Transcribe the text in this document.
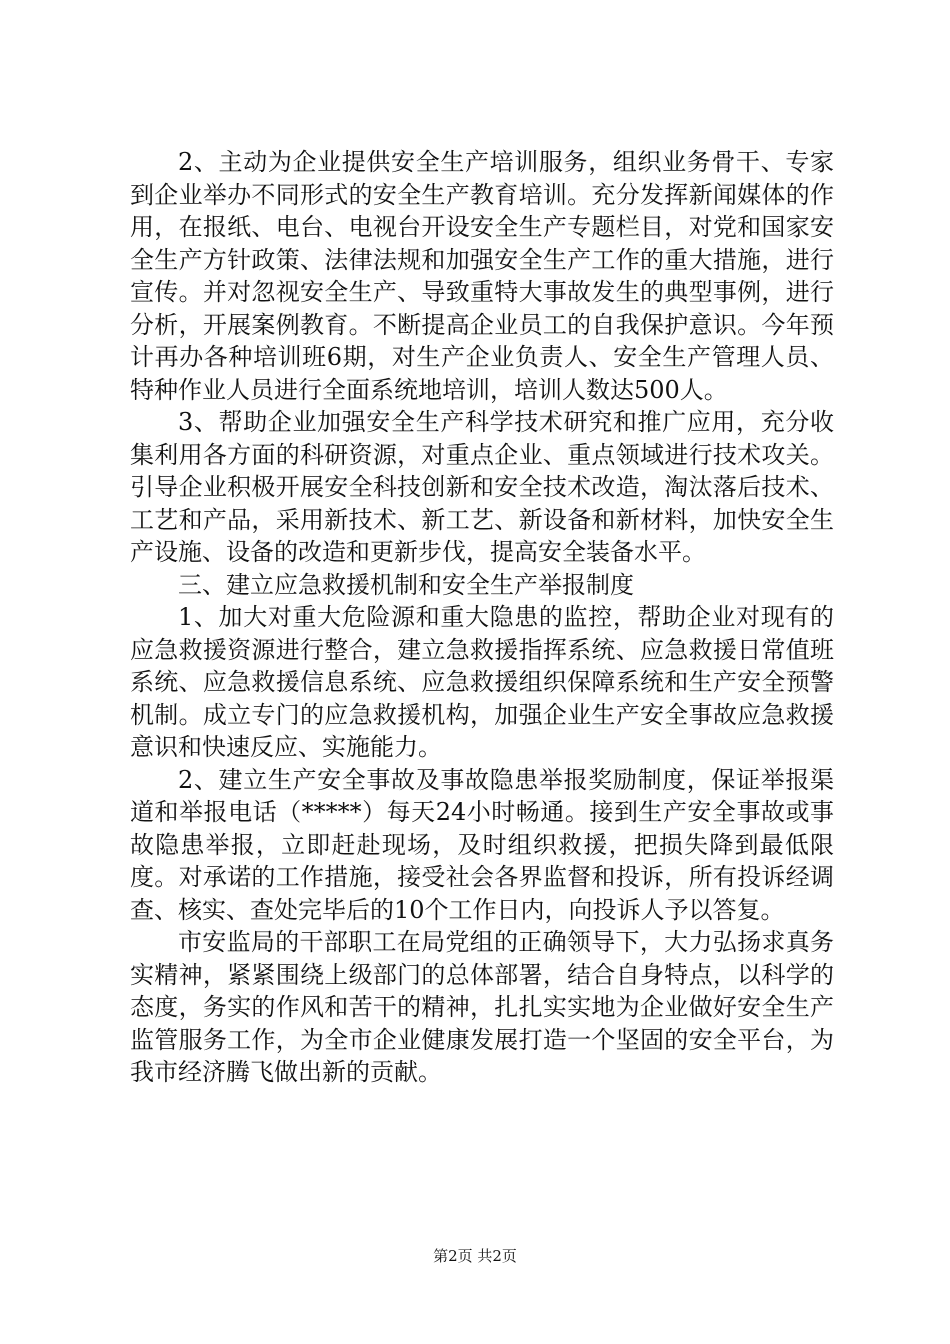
2、主动为企业提供安全生产培训服务，组织业务骨干、专家到企业举办不同形式的安全生产教育培训。充分发挥新闻媒体的作用，在报纸、电台、电视台开设安全生产专题栏目，对党和国家安全生产方针政策、法律法规和加强安全生产工作的重大措施，进行宣传。并对忽视安全生产、导致重特大事故发生的典型事例，进行分析，开展案例教育。不断提高企业员工的自我保护意识。今年预计再办各种培训班6期，对生产企业负责人、安全生产管理人员、特种作业人员进行全面系统地培训，培训人数达500人。

3、帮助企业加强安全生产科学技术研究和推广应用，充分收集利用各方面的科研资源，对重点企业、重点领域进行技术攻关。引导企业积极开展安全科技创新和安全技术改造，淘汰落后技术、工艺和产品，采用新技术、新工艺、新设备和新材料，加快安全生产设施、设备的改造和更新步伐，提高安全装备水平。

三、建立应急救援机制和安全生产举报制度

1、加大对重大危险源和重大隐患的监控，帮助企业对现有的应急救援资源进行整合，建立急救援指挥系统、应急救援日常值班系统、应急救援信息系统、应急救援组织保障系统和生产安全预警机制。成立专门的应急救援机构，加强企业生产安全事故应急救援意识和快速反应、实施能力。

2、建立生产安全事故及事故隐患举报奖励制度，保证举报渠道和举报电话（*****）每天24小时畅通。接到生产安全事故或事故隐患举报，立即赶赴现场，及时组织救援，把损失降到最低限度。对承诺的工作措施，接受社会各界监督和投诉，所有投诉经调查、核实、查处完毕后的10个工作日内，向投诉人予以答复。

市安监局的干部职工在局党组的正确领导下，大力弘扬求真务实精神，紧紧围绕上级部门的总体部署，结合自身特点，以科学的态度，务实的作风和苦干的精神，扎扎实实地为企业做好安全生产监管服务工作，为全市企业健康发展打造一个坚固的安全平台，为我市经济腾飞做出新的贡献。

第2页 共2页
